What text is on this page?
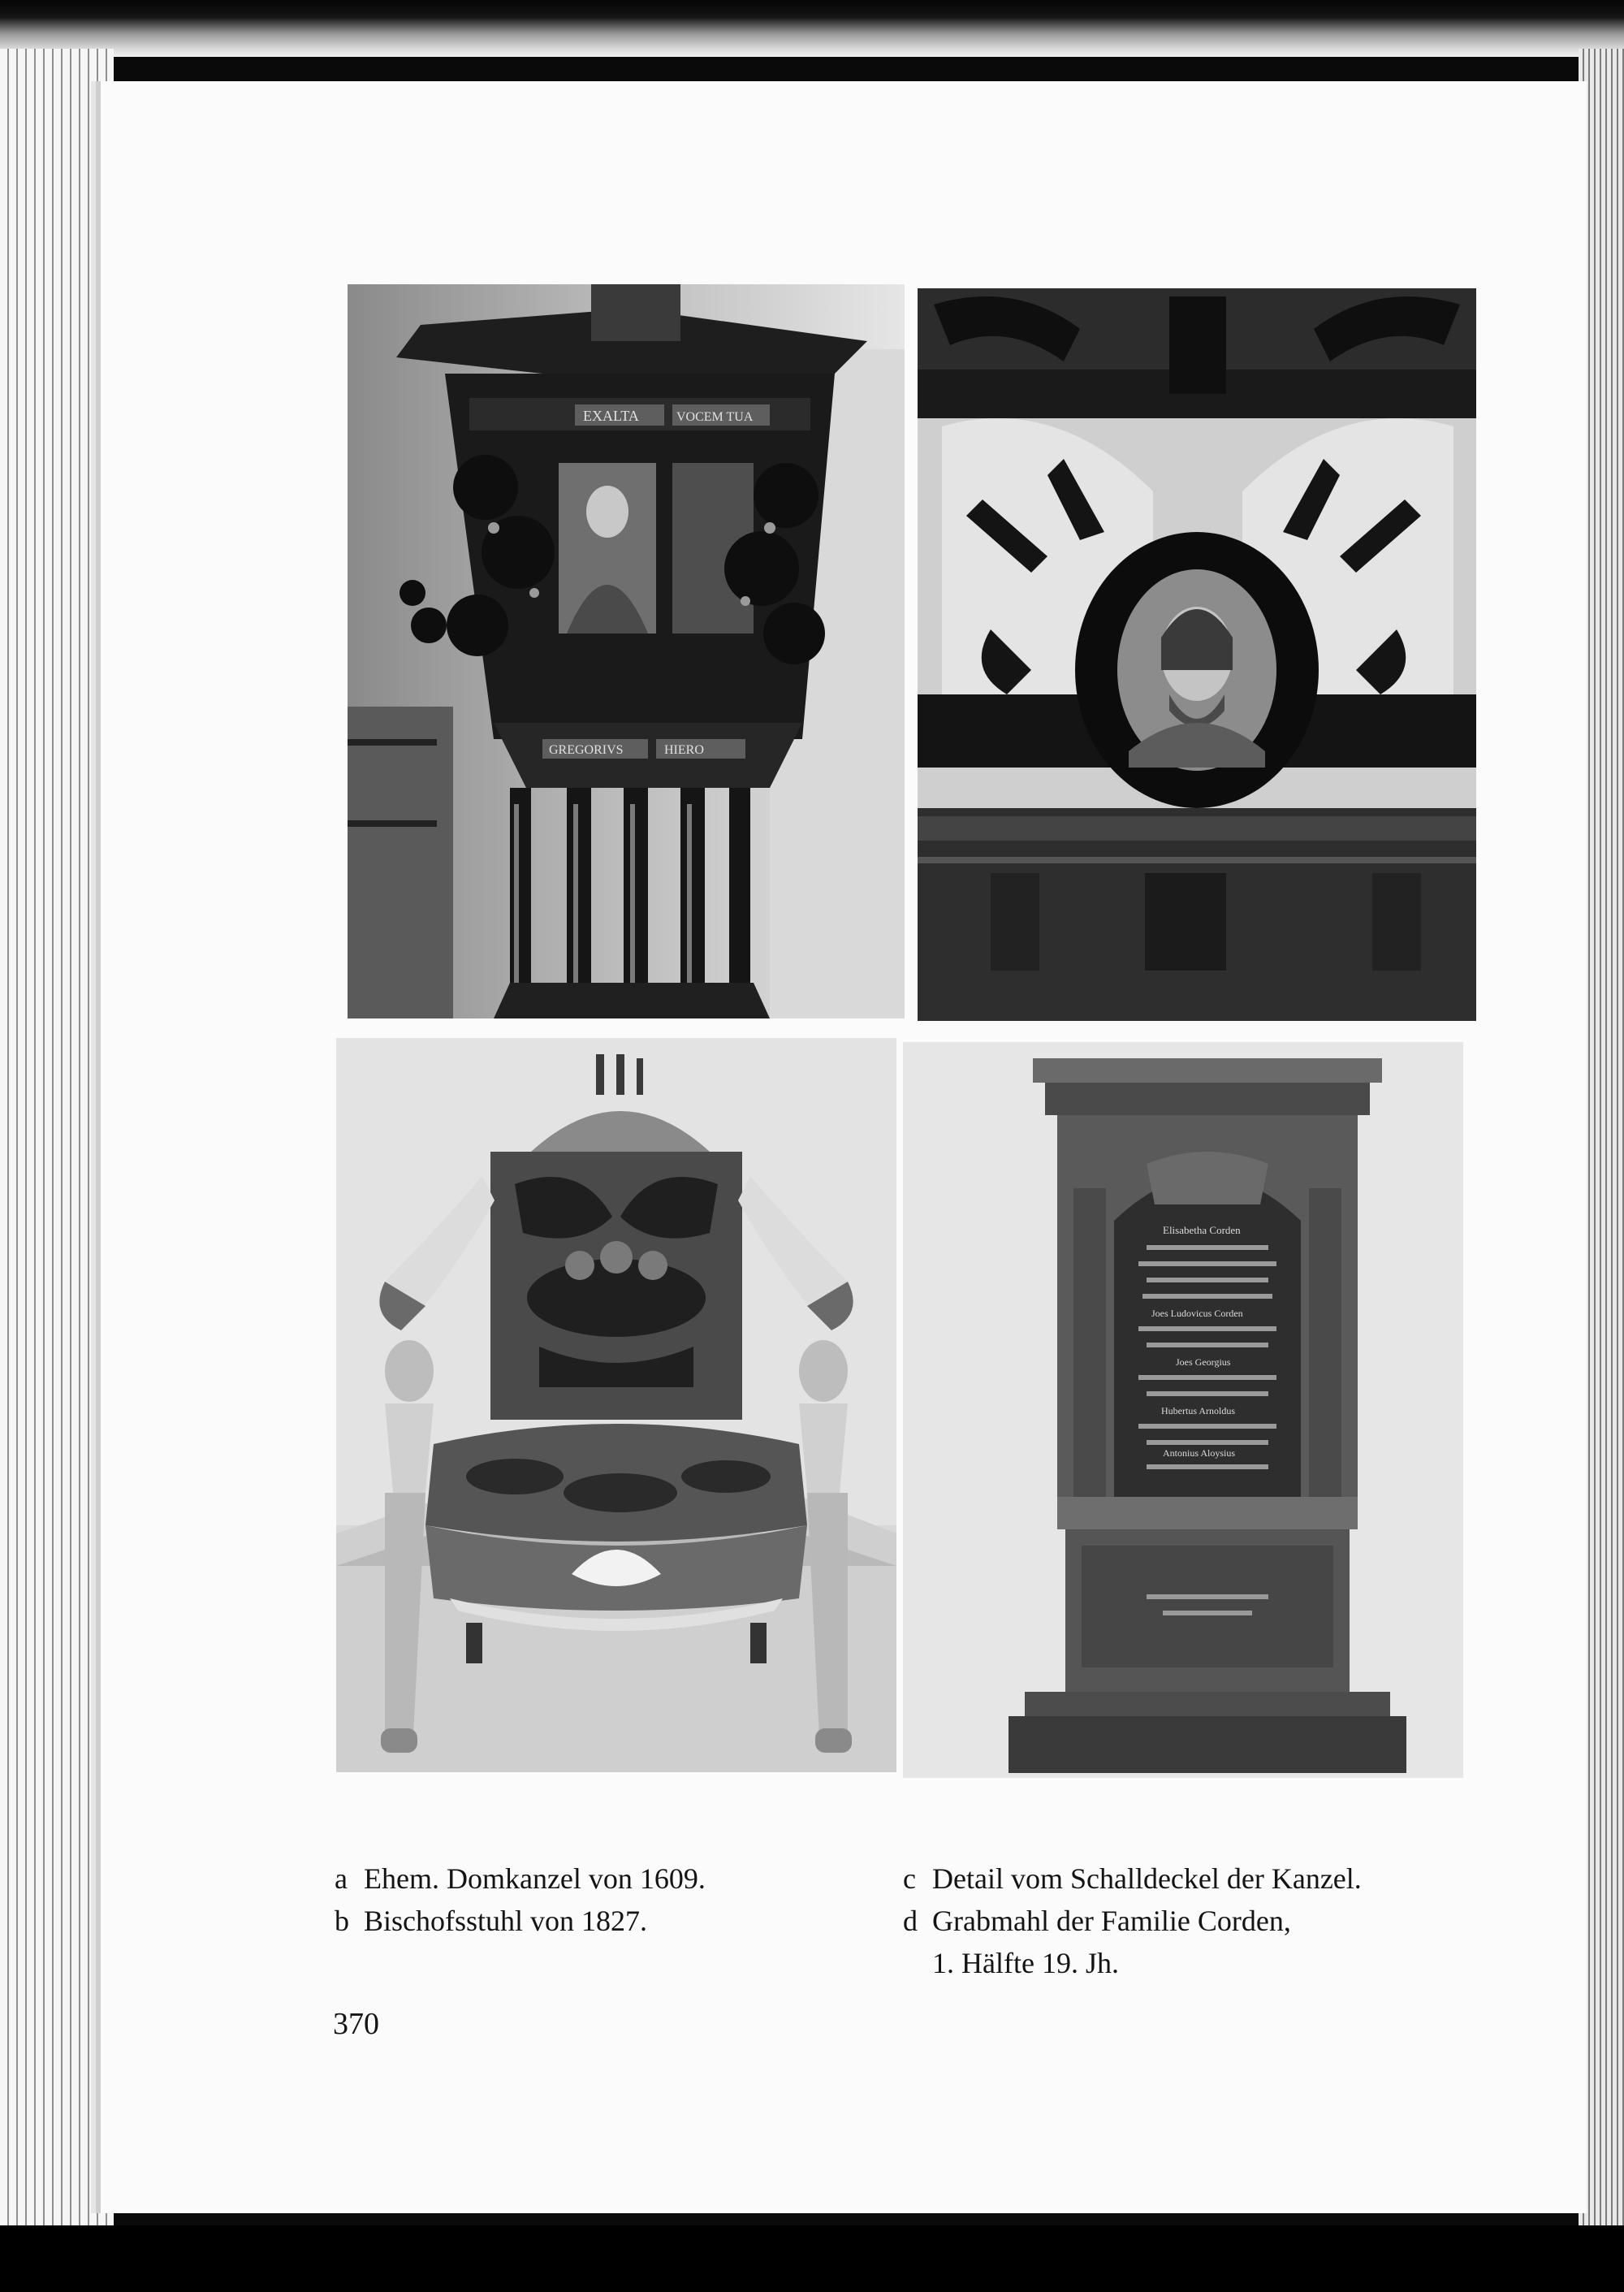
EXALTA	VOCEM TUA
GREGORIVS	HIERO
Elisabetha Corden
Joes Ludovicus Corden
Joes Georgius
Hubertus Arnoldus
Antonius Aloysius
a Ehem. Domkanzel von 1609.
b Bischofsstuhl von 1827.
c Detail vom Schalldeckel der Kanzel.
d Grabmahl der Familie Corden,
1. Hälfte 19. Jh.
370
